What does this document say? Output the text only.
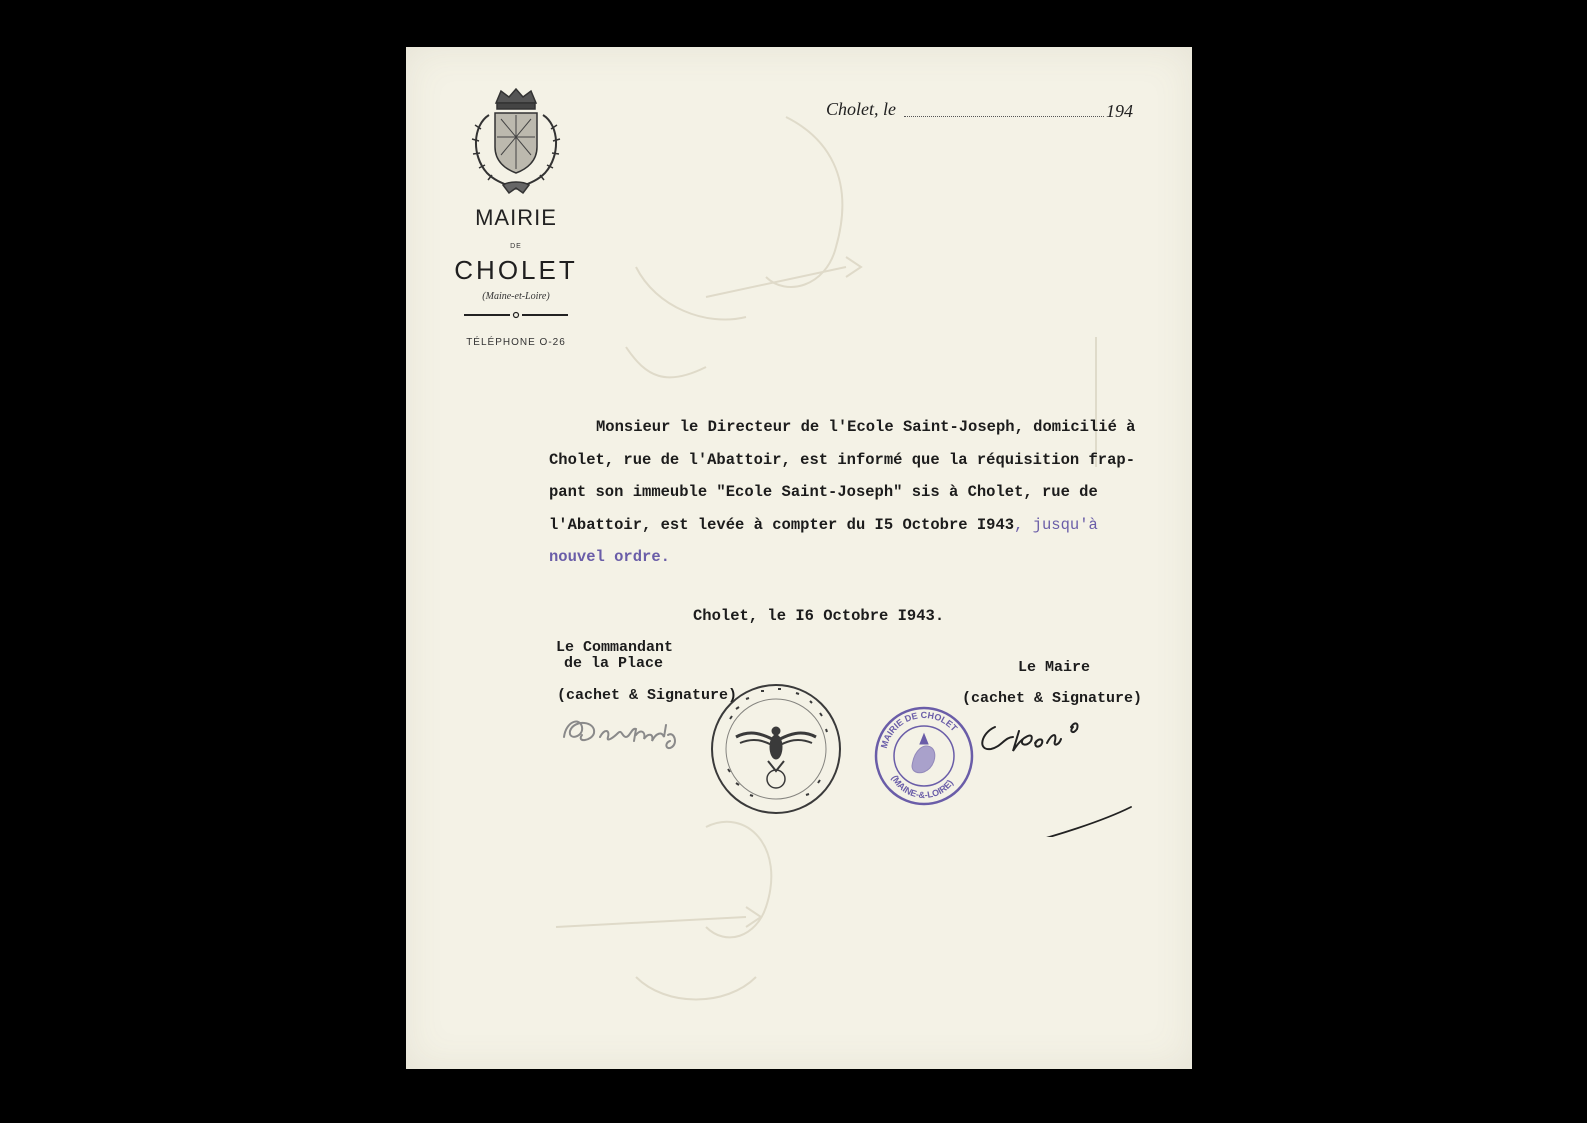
MAIRIE
DE
CHOLET
(Maine-et-Loire)
TÉLÉPHONE O-26
Cholet, le	194
Monsieur le Directeur de l'Ecole Saint-Joseph, domicilié à
Cholet, rue de l'Abattoir, est informé que la réquisition frap-
pant son immeuble "Ecole Saint-Joseph" sis à Cholet, rue de
l'Abattoir, est levée à compter du I5 Octobre I943, jusqu'à
nouvel ordre.
Cholet, le I6 Octobre I943.
Le Commandant
de la Place
(cachet & Signature)
Le Maire
(cachet & Signature)
MAIRIE DE CHOLET
(MAINE-&-LOIRE)
